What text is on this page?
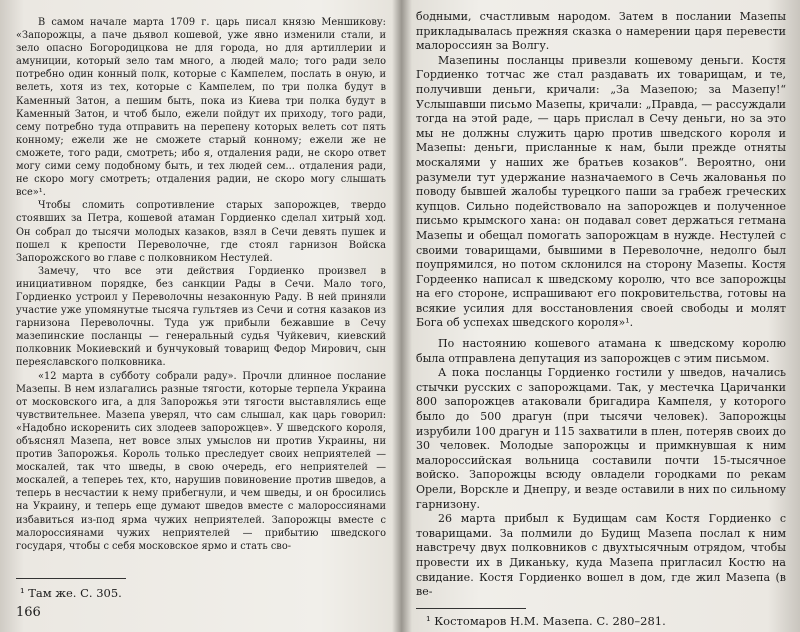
В самом начале марта 1709 г. царь писал князю Меншикову: «Запорожцы, а паче дьявол кошевой, уже явно изменили стали, и зело опасно Богородицкова не для города, но для артиллерии и амуниции, который зело там много, а людей мало; того ради зело потребно один конный полк, которые с Кампелем, послать в оную, и велеть, хотя из тех, которые с Кампелем, по три полка будут в Каменный Затон, а пешим быть, пока из Киева три полка будут в Каменный Затон, и чтоб было, ежели пойдут их приходу, того ради, сему потребно туда отправить на перепену которых велеть сот пять конному; ежели же не сможете старый конному; ежели же не сможете, того ради, смотреть; ибо я, отдаления ради, не скоро ответ могу сими сему подобному быть, и тех людей сем... отдаления ради, не скоро могу смотреть; отдаления радии, не скоро могу слышать все»¹.

Чтобы сломить сопротивление старых запорожцев, твердо стоявших за Петра, кошевой атаман Гордиенко сделал хитрый ход. Он собрал до тысячи молодых казаков, взял в Сечи девять пушек и пошел к крепости Переволочне, где стоял гарнизон Войска Запорожского во главе с полковником Нестулей.

Замечу, что все эти действия Гордиенко произвел в инициативном порядке, без санкции Рады в Сечи. Мало того, Гордиенко устроил у Переволочны незаконную Раду. В ней приняли участие уже упомянутые тысяча гультяев из Сечи и сотня казаков из гарнизона Переволочны. Туда уж прибыли бежавшие в Сечу мазепинские посланцы — генеральный судья Чуйкевич, киевский полковник Мокиевский и бунчуковый товарищ Федор Мирович, сын переяславского полковника.

«12 марта в субботу собрали раду». Прочли длинное послание Мазепы. В нем излагались разные тягости, которые терпела Украина от московского ига, а для Запорожья эти тягости выставлялись еще чувствительнее. Мазепа уверял, что сам слышал, как царь говорил: «Надобно искоренить сих злодеев запорожцев». У шведского короля, объяснял Мазепа, нет вовсе злых умыслов ни против Украины, ни против Запорожья. Король только преследует своих неприятелей — москалей, так что шведы, в свою очередь, его неприятелей — москалей, а тепереь тех, кто, нарушив повиновение против шведов, а теперь в несчастии к нему прибегнули, и чем шведы, и он бросились на Украину, и теперь еще думают шведов вместе с малороссиянами избавиться из-под ярма чужих неприятелей. Запорожцы вместе с малороссиянами чужих неприятелей — прибытию шведского государя, чтобы с себя московское ярмо и стать сво-

¹ Там же. С. 305.
166

бодными, счастливым народом. Затем в послании Мазепы прикладывалась прежняя сказка о намерении царя перевести малороссиян за Волгу.

Мазепины посланцы привезли кошевому деньги. Костя Гордиенко тотчас же стал раздавать их товарищам, и те, получивши деньги, кричали: „За Мазепою; за Мазепу!“ Услышавши письмо Мазепы, кричали: „Правда, — рассуждали тогда на этой раде, — царь прислал в Сечу деньги, но за это мы не должны служить царю против шведского короля и Мазепы: деньги, присланные к нам, были прежде отняты москалями у наших же братьев козаков“. Вероятно, они разумели тут удержание назначаемого в Сечь жалованья по поводу бывшей жалобы турецкого паши за грабеж греческих купцов. Сильно подействовало на запорожцев и полученное письмо крымского хана: он подавал совет держаться гетмана Мазепы и обещал помогать запорожцам в нужде. Нестулей с своими товарищами, бывшими в Переволочне, недолго был поупрямился, но потом склонился на сторону Мазепы. Костя Гордеенко написал к шведскому королю, что все запорожцы на его стороне, испрашивают его покровительства, готовы на всякие усилия для восстановления своей свободы и молят Бога об успехах шведского короля»¹.

По настоянию кошевого атамана к шведскому королю была отправлена депутация из запорожцев с этим письмом.

А пока посланцы Гордиенко гостили у шведов, начались стычки русских с запорожцами. Так, у местечка Царичанки 800 запорожцев атаковали бригадира Кампеля, у которого было до 500 драгун (при тысячи человек). Запорожцы изрубили 100 драгун и 115 захватили в плен, потеряв своих до 30 человек. Молодые запорожцы и примкнувшая к ним малороссийская вольница составили почти 15-тысячное войско. Запорожцы всюду овладели городками по рекам Орели, Ворскле и Днепру, и везде оставили в них по сильному гарнизону.

26 марта прибыл к Будищам сам Костя Гордиенко с товарищами. За полмили до Будищ Мазепа послал к ним навстречу двух полковников с двухтысячным отрядом, чтобы провести их в Диканьку, куда Мазепа пригласил Костю на свидание. Костя Гордиенко вошел в дом, где жил Мазепа (в ве-

¹ Костомаров Н.М. Мазепа. С. 280–281.
